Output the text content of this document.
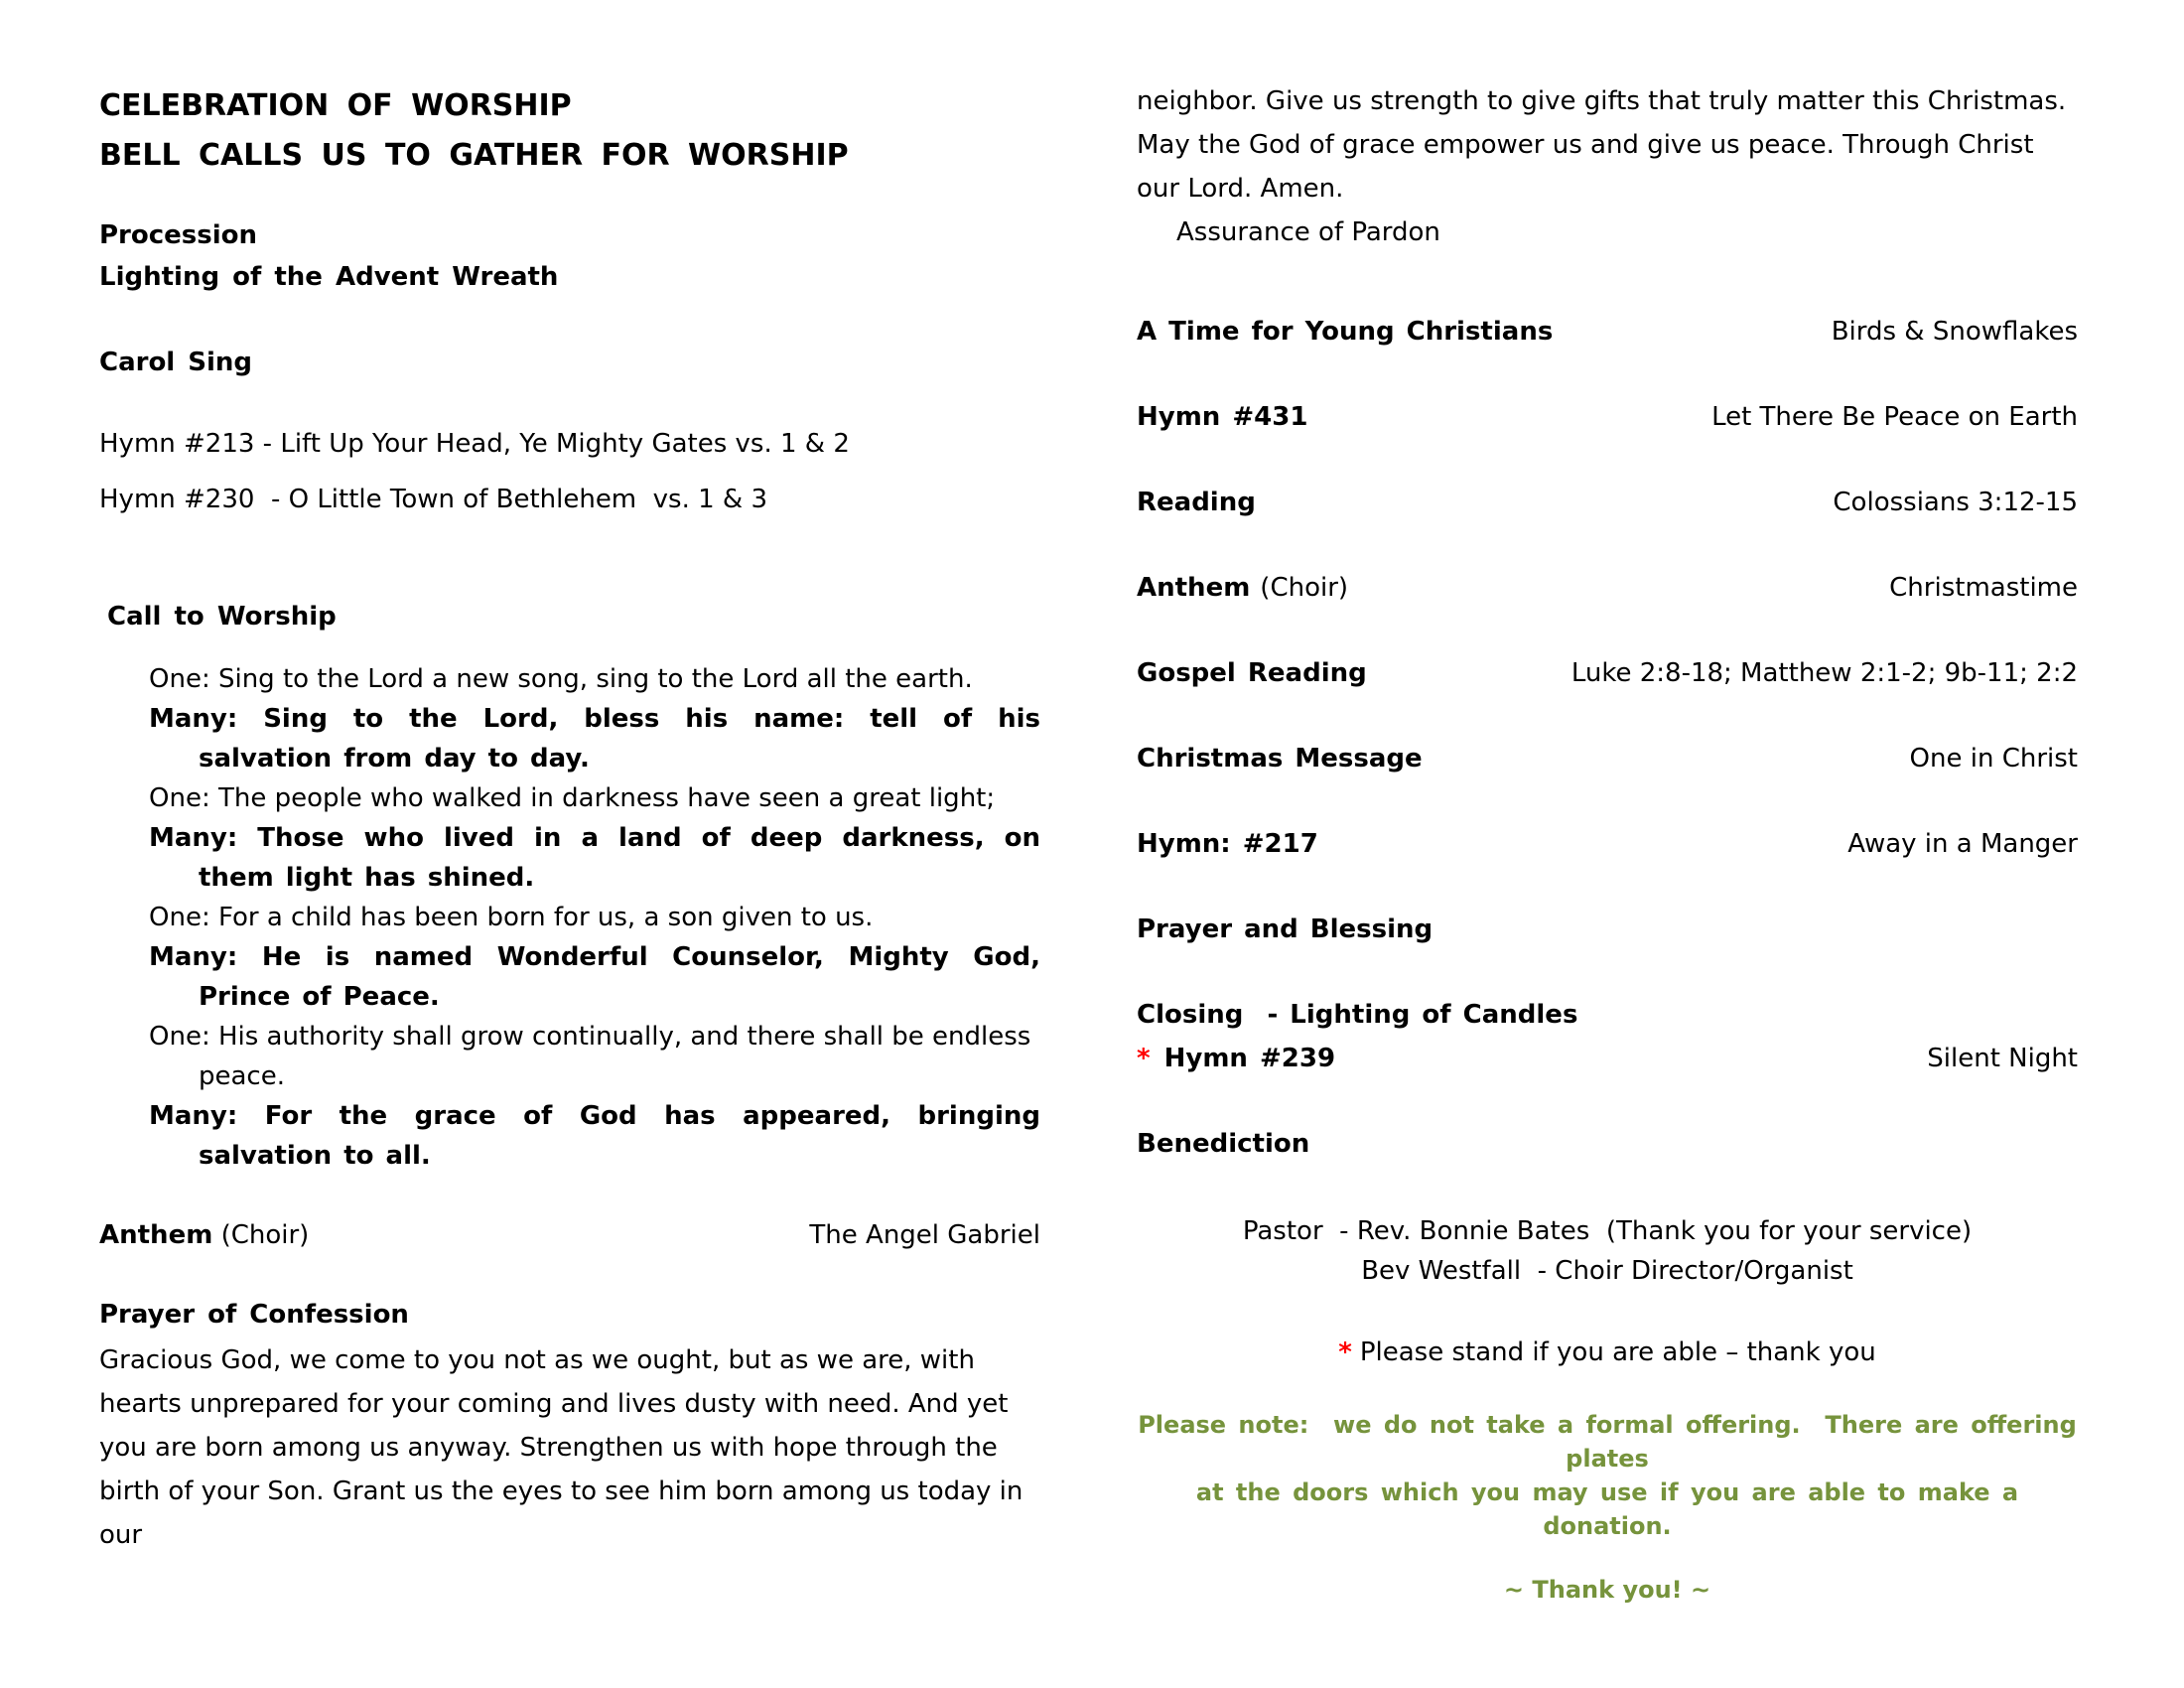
CELEBRATION OF WORSHIP
BELL CALLS US TO GATHER FOR WORSHIP
Procession
Lighting of the Advent Wreath
Carol Sing
Hymn #213 - Lift Up Your Head, Ye Mighty Gates vs. 1 & 2
Hymn #230  - O Little Town of Bethlehem  vs. 1 & 3
Call to Worship

One: Sing to the Lord a new song, sing to the Lord all the earth.

Many: Sing to the Lord, bless his name: tell of his salvation from day to day.

One: The people who walked in darkness have seen a great light;

Many: Those who lived in a land of deep darkness, on them light has shined.

One: For a child has been born for us, a son given to us.

Many: He is named Wonderful Counselor, Mighty God, Prince of Peace.

One: His authority shall grow continually, and there shall be endless peace.

Many: For the grace of God has appeared, bringing salvation to all.

Anthem (Choir)	The Angel Gabriel
Prayer of Confession

Gracious God, we come to you not as we ought, but as we are, with hearts unprepared for your coming and lives dusty with need. And yet you are born among us anyway. Strengthen us with hope through the birth of your Son. Grant us the eyes to see him born among us today in our

neighbor. Give us strength to give gifts that truly matter this Christmas. May the God of grace empower us and give us peace. Through Christ our Lord. Amen.

Assurance of Pardon
A Time for Young Christians	Birds & Snowflakes
Hymn #431	Let There Be Peace on Earth
Reading	Colossians 3:12-15
Anthem (Choir)	Christmastime
Gospel Reading	Luke 2:8-18; Matthew 2:1-2; 9b-11; 2:2
Christmas Message	One in Christ
Hymn: #217	Away in a Manger
Prayer and Blessing
Closing  - Lighting of Candles
* Hymn #239	Silent Night
Benediction
Pastor  - Rev. Bonnie Bates  (Thank you for your service)
Bev Westfall  - Choir Director/Organist
* Please stand if you are able – thank you
Please note:  we do not take a formal offering.  There are offering plates
at the doors which you may use if you are able to make a donation.
~ Thank you! ~
